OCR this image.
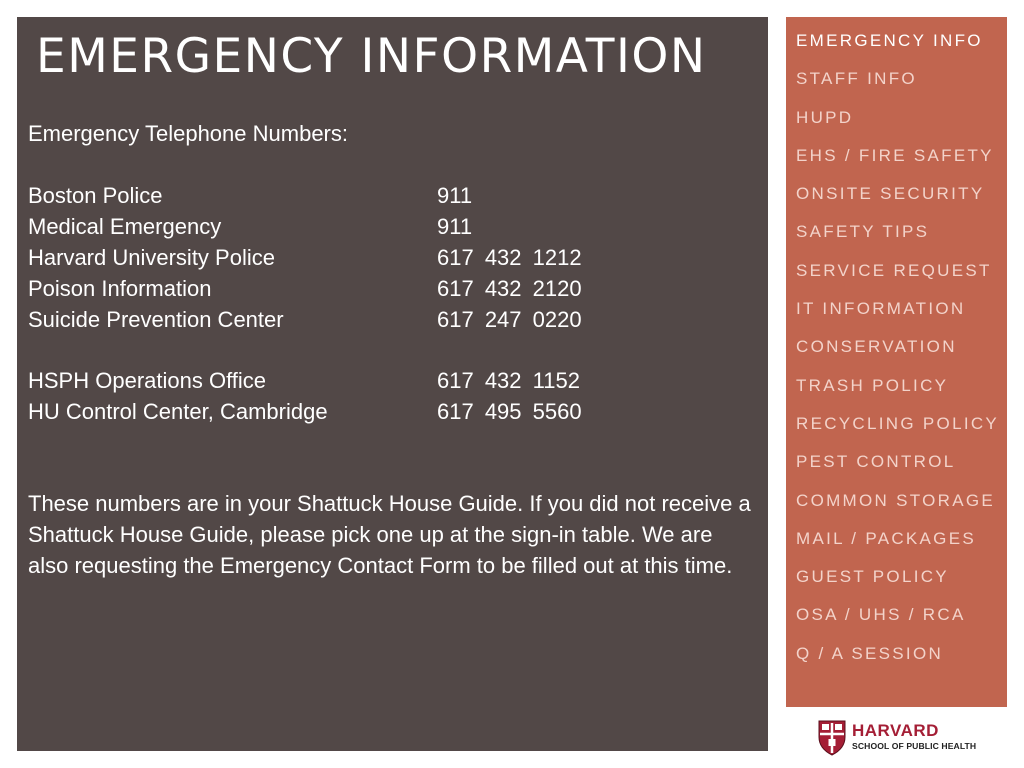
EMERGENCY INFORMATION

Emergency Telephone Numbers:

Boston Police	911
Medical Emergency	911
Harvard University Police	617 432 1212
Poison Information	617 432 2120
Suicide Prevention Center	617 247 0220

HSPH Operations Office	617 432 1152
HU Control Center, Cambridge	617 495 5560

These numbers are in your Shattuck House Guide. If you did not receive a Shattuck House Guide, please pick one up at the sign-in table. We are also requesting the Emergency Contact Form to be filled out at this time.

EMERGENCY INFO
STAFF INFO
HUPD
EHS / FIRE SAFETY
ONSITE SECURITY
SAFETY TIPS
SERVICE REQUEST
IT INFORMATION
CONSERVATION
TRASH POLICY
RECYCLING POLICY
PEST CONTROL
COMMON STORAGE
MAIL / PACKAGES
GUEST POLICY
OSA / UHS / RCA
Q / A SESSION
HARVARD
SCHOOL OF PUBLIC HEALTH
